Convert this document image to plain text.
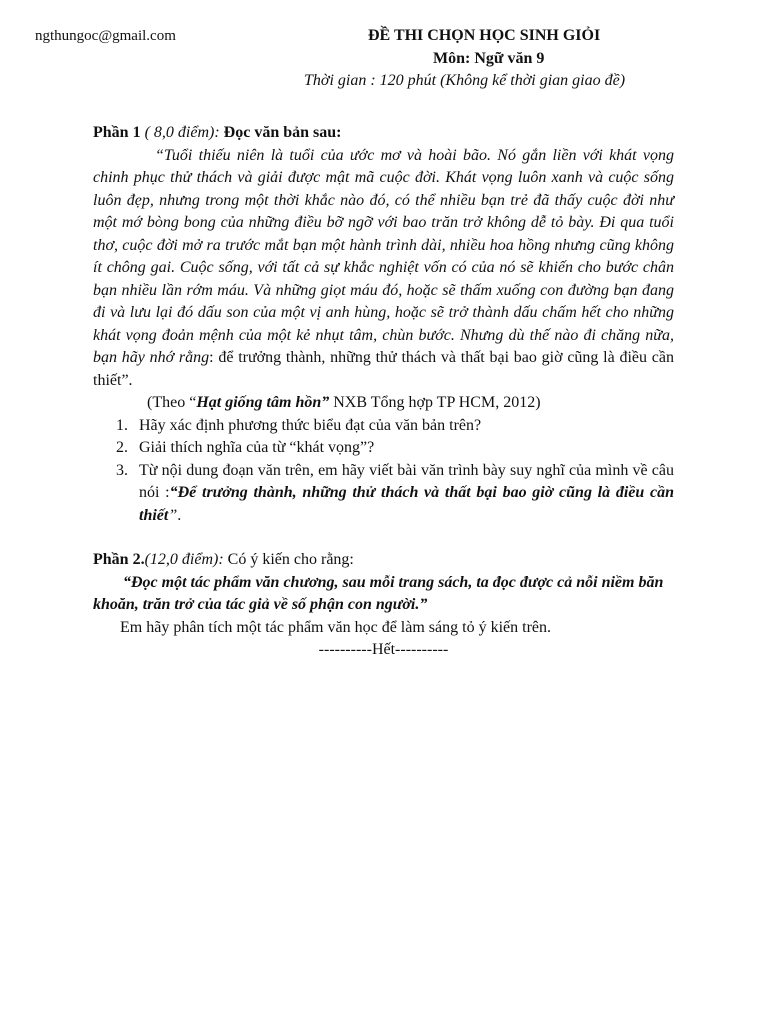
ngthungoc@gmail.com	ĐỀ THI CHỌN HỌC SINH GIỎI
Môn: Ngữ văn 9
Thời gian : 120 phút (Không kể thời gian giao đề)

Phần 1 ( 8,0 điểm): Đọc văn bản sau:

“Tuổi thiếu niên là tuổi của ước mơ và hoài bão. Nó gắn liền với khát vọng chinh phục thử thách và giải được mật mã cuộc đời. Khát vọng luôn xanh và cuộc sống luôn đẹp, nhưng trong một thời khắc nào đó, có thể nhiều bạn trẻ đã thấy cuộc đời như một mớ bòng bong của những điều bỡ ngỡ với bao trăn trở không dễ tỏ bày. Đi qua tuổi thơ, cuộc đời mở ra trước mắt bạn một hành trình dài, nhiều hoa hồng nhưng cũng không ít chông gai. Cuộc sống, với tất cả sự khắc nghiệt vốn có của nó sẽ khiến cho bước chân bạn nhiều lần rớm máu. Và những giọt máu đó, hoặc sẽ thấm xuống con đường bạn đang đi và lưu lại đó dấu son của một vị anh hùng, hoặc sẽ trở thành dấu chấm hết cho những khát vọng đoản mệnh của một kẻ nhụt tâm, chùn bước. Nhưng dù thế nào đi chăng nữa, bạn hãy nhớ rằng: để trưởng thành, những thử thách và thất bại bao giờ cũng là điều cần thiết”.

(Theo “Hạt giống tâm hồn” NXB Tổng hợp TP HCM, 2012)

1. Hãy xác định phương thức biểu đạt của văn bản trên?
2. Giải thích nghĩa của từ “khát vọng”?
3. Từ nội dung đoạn văn trên, em hãy viết bài văn trình bày suy nghĩ của mình về câu nói :“Để trưởng thành, những thử thách và thất bại bao giờ cũng là điều cần thiết”.

Phần 2.(12,0 điểm): Có ý kiến cho rằng:

“Đọc một tác phẩm văn chương, sau mỗi trang sách, ta đọc được cả nỗi niềm băn khoăn, trăn trở của tác giả về số phận con người.”

Em hãy phân tích một tác phẩm văn học để làm sáng tỏ ý kiến trên.

----------Hết----------
